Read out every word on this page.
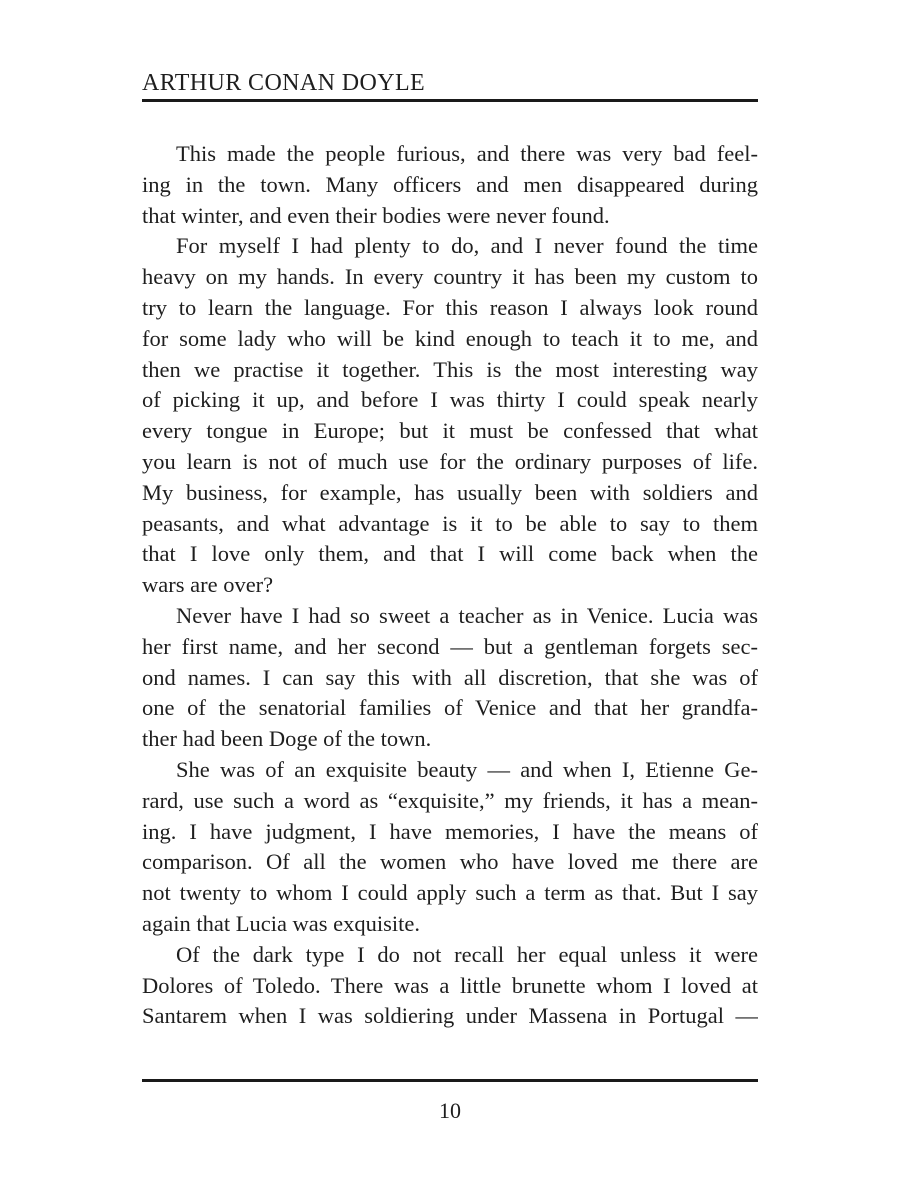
ARTHUR CONAN DOYLE
This made the people furious, and there was very bad feel-
ing in the town. Many officers and men disappeared during
that winter, and even their bodies were never found.
For myself I had plenty to do, and I never found the time
heavy on my hands. In every country it has been my custom to
try to learn the language. For this reason I always look round
for some lady who will be kind enough to teach it to me, and
then we practise it together. This is the most interesting way
of picking it up, and before I was thirty I could speak nearly
every tongue in Europe; but it must be confessed that what
you learn is not of much use for the ordinary purposes of life.
My business, for example, has usually been with soldiers and
peasants, and what advantage is it to be able to say to them
that I love only them, and that I will come back when the
wars are over?
Never have I had so sweet a teacher as in Venice. Lucia was
her first name, and her second — but a gentleman forgets sec-
ond names. I can say this with all discretion, that she was of
one of the senatorial families of Venice and that her grandfa-
ther had been Doge of the town.
She was of an exquisite beauty — and when I, Etienne Ge-
rard, use such a word as “exquisite,” my friends, it has a mean-
ing. I have judgment, I have memories, I have the means of
comparison. Of all the women who have loved me there are
not twenty to whom I could apply such a term as that. But I say
again that Lucia was exquisite.
Of the dark type I do not recall her equal unless it were
Dolores of Toledo. There was a little brunette whom I loved at
Santarem when I was soldiering under Massena in Portugal —
10
